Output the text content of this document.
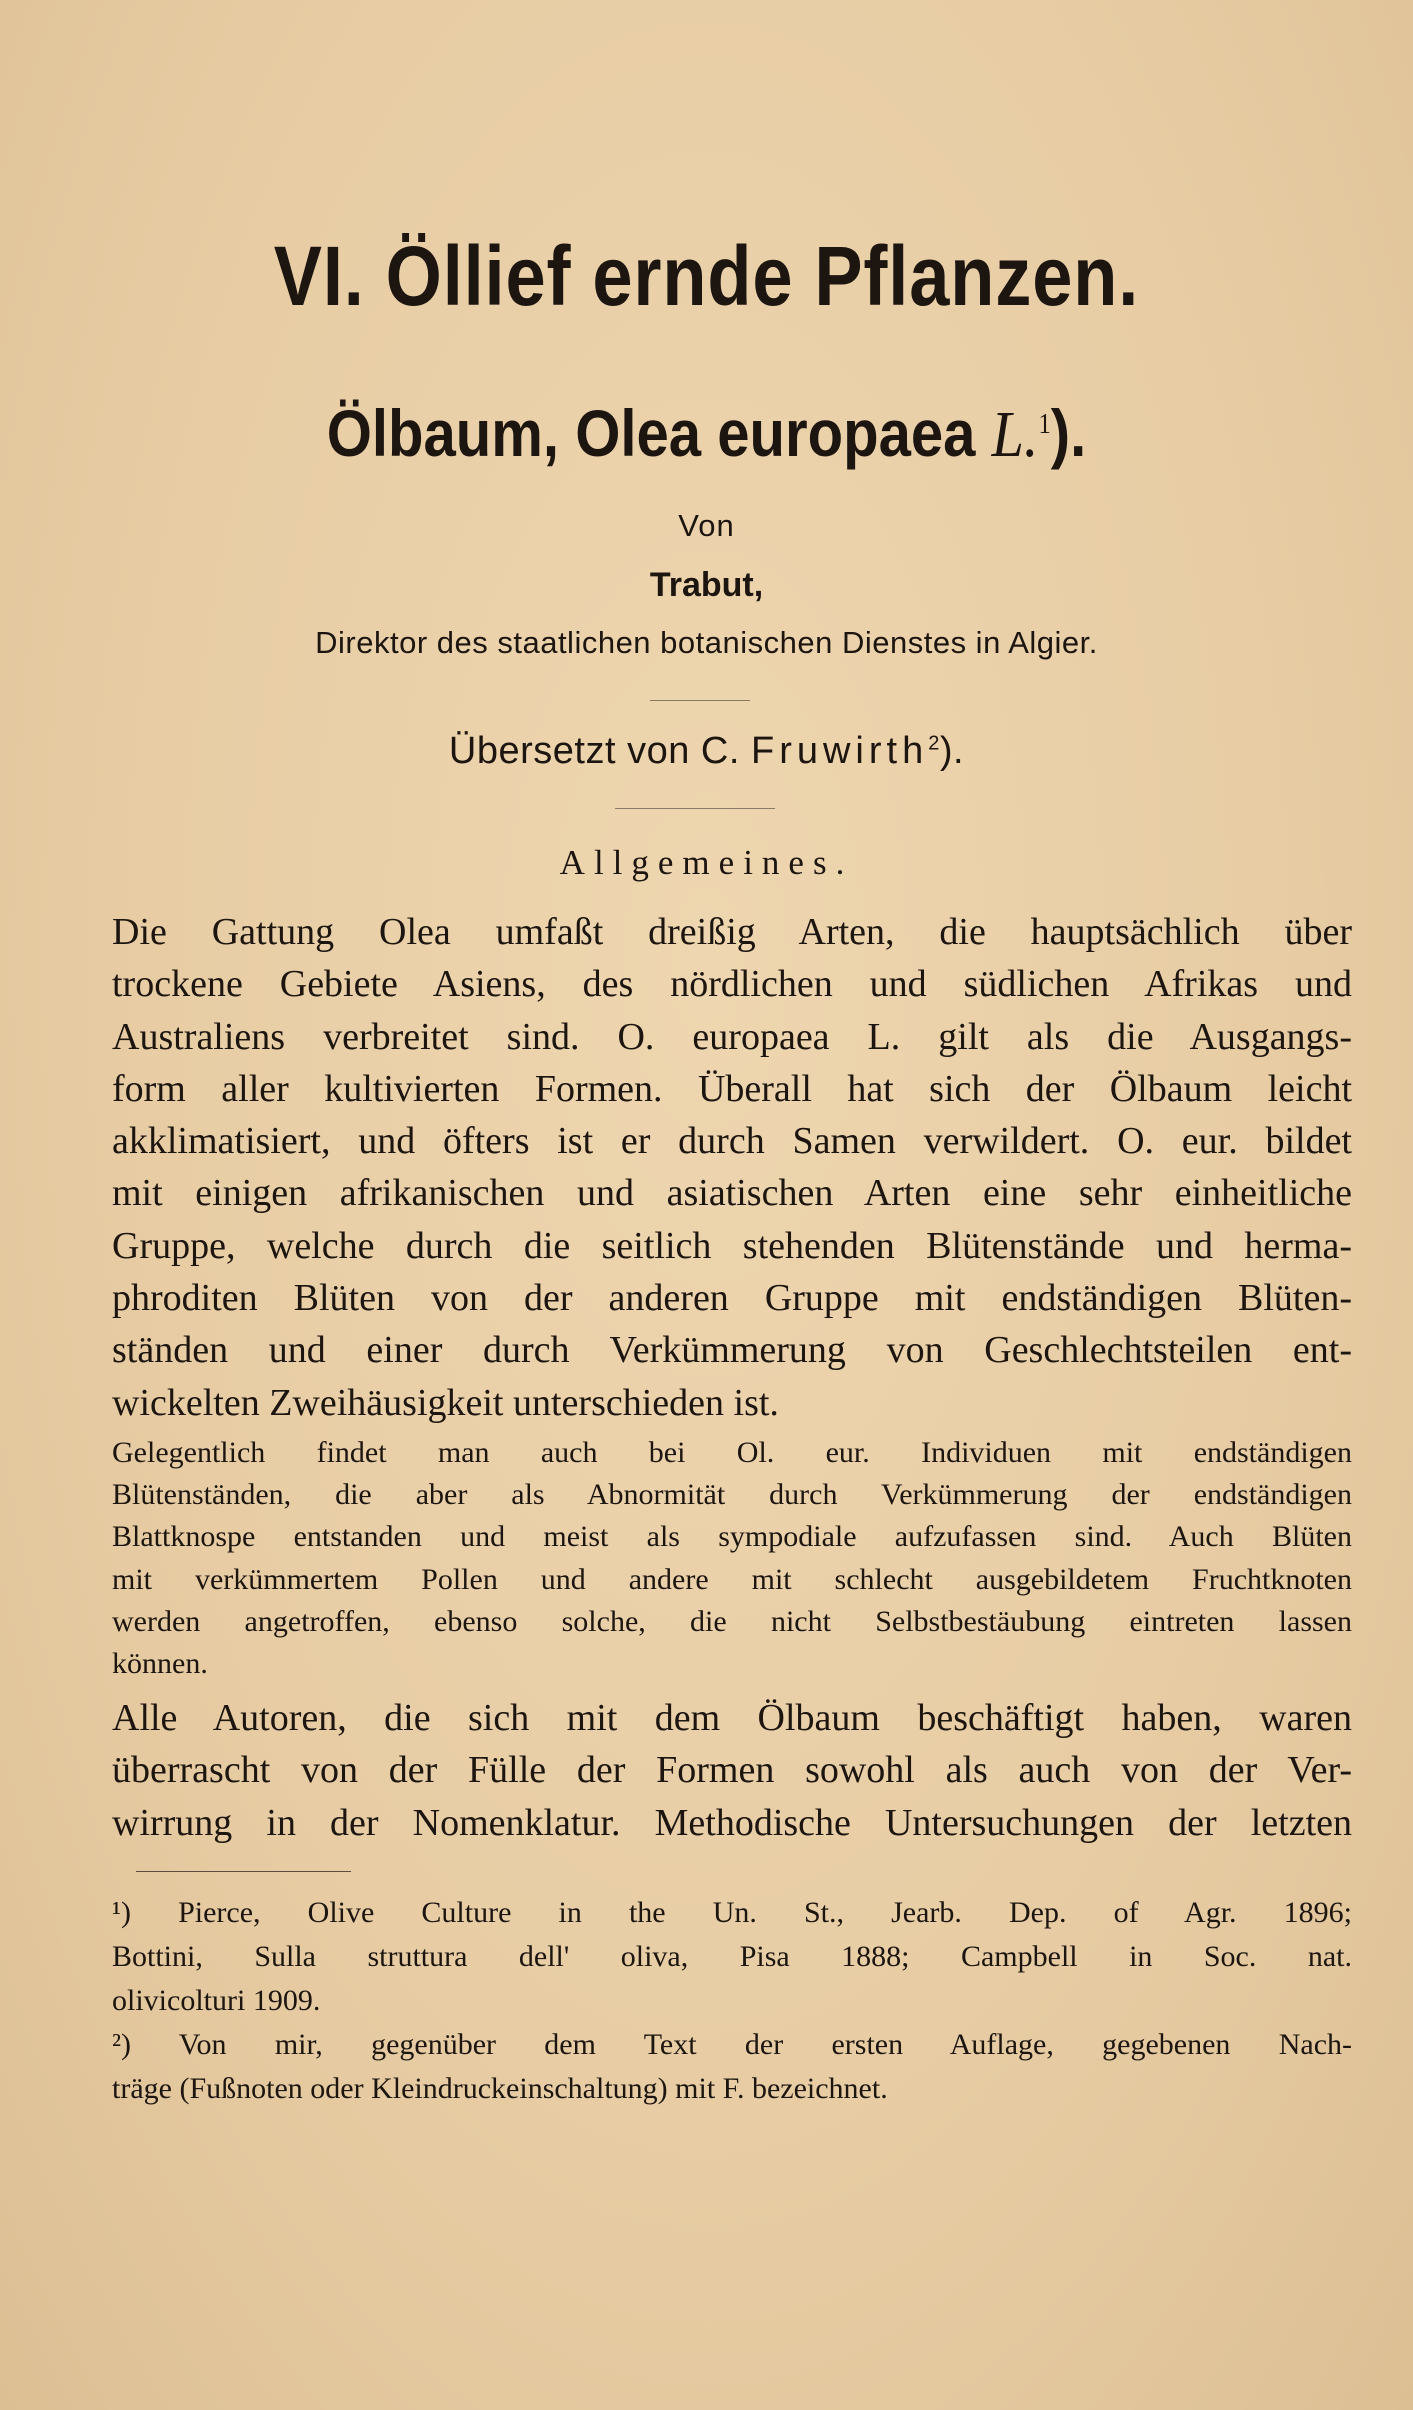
VI. Öllief ernde Pflanzen.
Ölbaum, Olea europaea L.$^1$).
Von
Trabut,
Direktor des staatlichen botanischen Dienstes in Algier.
Übersetzt von C. Fruwirth$^2$).
Allgemeines.

Die Gattung Olea umfaßt dreißig Arten, die hauptsächlich über

trockene Gebiete Asiens, des nördlichen und südlichen Afrikas und

Australiens verbreitet sind. O. europaea L. gilt als die Ausgangs-

form aller kultivierten Formen. Überall hat sich der Ölbaum leicht

akklimatisiert, und öfters ist er durch Samen verwildert. O. eur. bildet

mit einigen afrikanischen und asiatischen Arten eine sehr einheitliche

Gruppe, welche durch die seitlich stehenden Blütenstände und herma-

phroditen Blüten von der anderen Gruppe mit endständigen Blüten-

ständen und einer durch Verkümmerung von Geschlechtsteilen ent-

wickelten Zweihäusigkeit unterschieden ist.

Gelegentlich findet man auch bei Ol. eur. Individuen mit endständigen

Blütenständen, die aber als Abnormität durch Verkümmerung der endständigen

Blattknospe entstanden und meist als sympodiale aufzufassen sind. Auch Blüten

mit verkümmertem Pollen und andere mit schlecht ausgebildetem Fruchtknoten

werden angetroffen, ebenso solche, die nicht Selbstbestäubung eintreten lassen

können.

Alle Autoren, die sich mit dem Ölbaum beschäftigt haben, waren

überrascht von der Fülle der Formen sowohl als auch von der Ver-

wirrung in der Nomenklatur. Methodische Untersuchungen der letzten

¹) Pierce, Olive Culture in the Un. St., Jearb. Dep. of Agr. 1896;

Bottini, Sulla struttura dell' oliva, Pisa 1888; Campbell in Soc. nat.

olivicolturi 1909.

²) Von mir, gegenüber dem Text der ersten Auflage, gegebenen Nach-

träge (Fußnoten oder Kleindruckeinschaltung) mit F. bezeichnet.
